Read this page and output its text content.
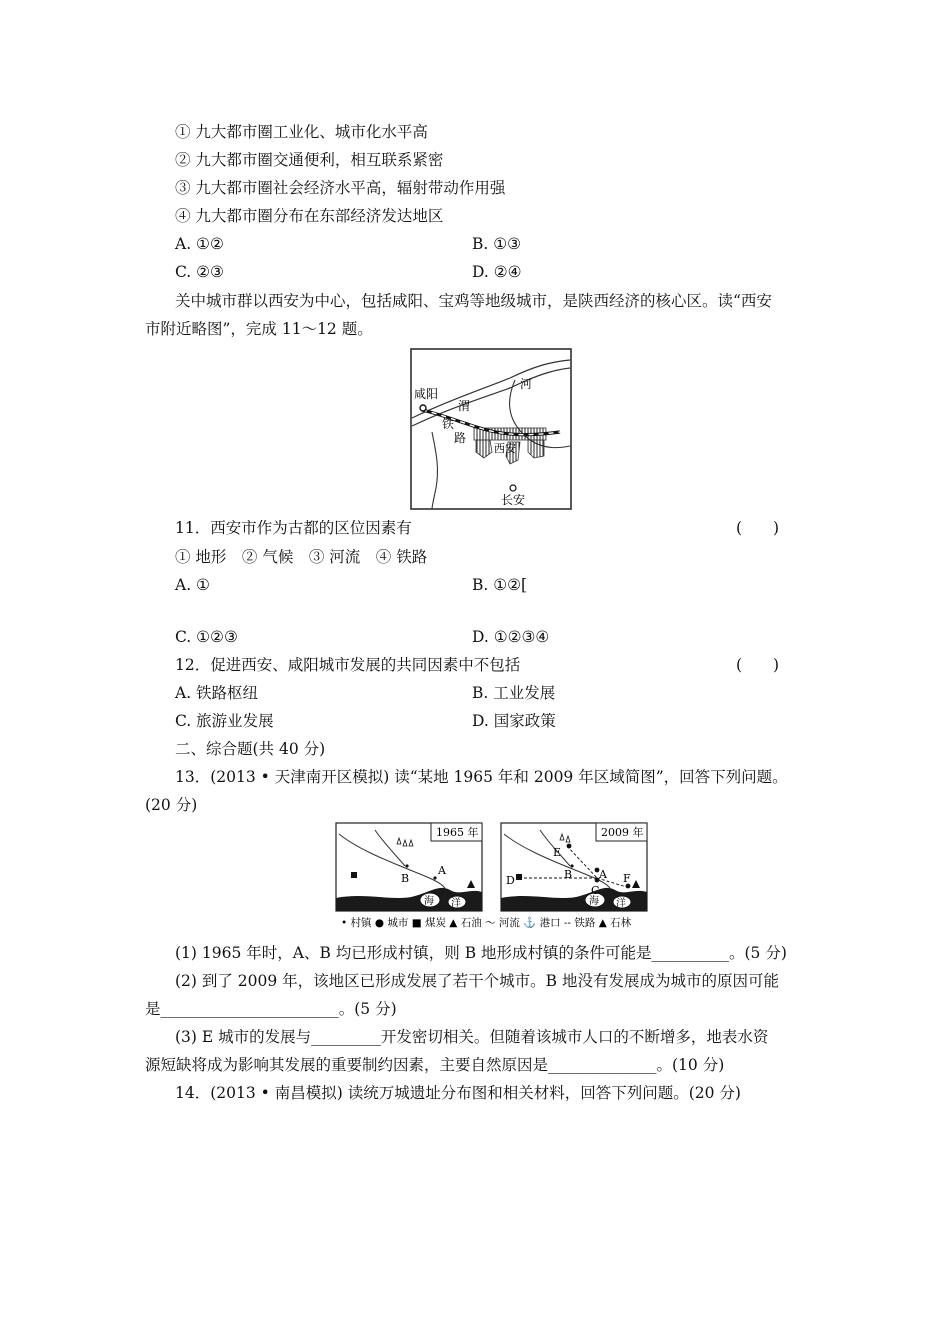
① 九大都市圈工业化、城市化水平高
② 九大都市圈交通便利，相互联系紧密
③ 九大都市圈社会经济水平高，辐射带动作用强
④ 九大都市圈分布在东部经济发达地区
A. ①②	B. ①③
C. ②③	D. ②④
关中城市群以西安为中心，包括咸阳、宝鸡等地级城市，是陕西经济的核心区。读“西安
市附近略图”，完成 11～12 题。
咸阳
渭
河
铁
路
西安
长安
11．西安市作为古都的区位因素有	(　　)
① 地形　② 气候　③ 河流　④ 铁路
A. ①	B. ①②[
C. ①②③	D. ①②③④
12．促进西安、咸阳城市发展的共同因素中不包括	(　　)
A. 铁路枢纽	B. 工业发展
C. 旅游业发展	D. 国家政策
二、综合题(共 40 分)
13．(2013 • 天津南开区模拟) 读“某地 1965 年和 2009 年区域简图”，回答下列问题。
(20 分)
1965 年
海 洋
B
A
2009 年
海 洋
E
B A
C
D	F
• 村镇 ● 城市 ■ 煤炭 ▲ 石油 〜 河流 ⚓ 港口 -- 铁路 ▲ 石林
(1) 1965 年时，A、B 均已形成村镇，则 B 地形成村镇的条件可能是__________。(5 分)
(2) 到了 2009 年，该地区已形成发展了若干个城市。B 地没有发展成为城市的原因可能
是_______________________。(5 分)
(3) E 城市的发展与_________开发密切相关。但随着该城市人口的不断增多，地表水资
源短缺将成为影响其发展的重要制约因素，主要自然原因是______________。(10 分)
14．(2013 • 南昌模拟) 读统万城遗址分布图和相关材料，回答下列问题。(20 分)
